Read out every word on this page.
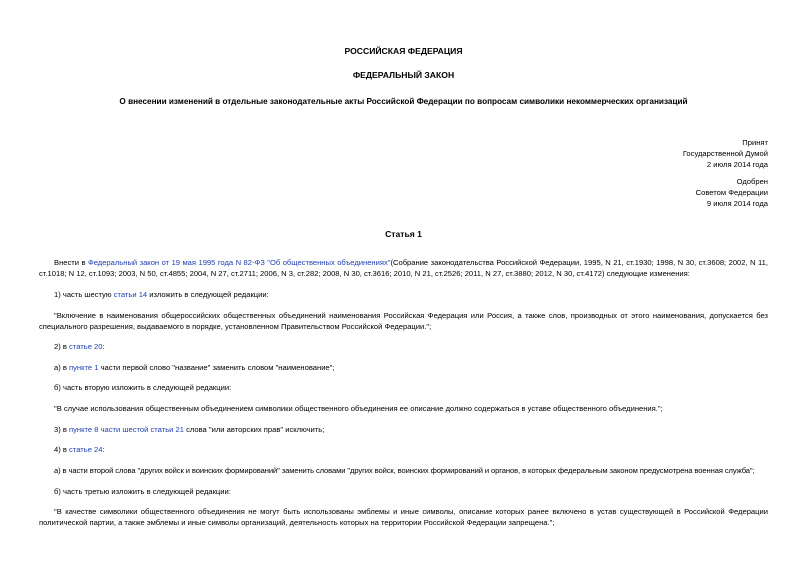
РОССИЙСКАЯ ФЕДЕРАЦИЯ
ФЕДЕРАЛЬНЫЙ ЗАКОН
О внесении изменений в отдельные законодательные акты Российской Федерации по вопросам символики некоммерческих организаций
Принят
Государственной Думой
2 июля 2014 года
Одобрен
Советом Федерации
9 июля 2014 года
Статья 1
Внести в Федеральный закон от 19 мая 1995 года N 82-ФЗ "Об общественных объединениях"(Собрание законодательства Российской Федерации, 1995, N 21, ст.1930; 1998, N 30, ст.3608; 2002, N 11, ст.1018; N 12, ст.1093; 2003, N 50, ст.4855; 2004, N 27, ст.2711; 2006, N 3, ст.282; 2008, N 30, ст.3616; 2010, N 21, ст.2526; 2011, N 27, ст.3880; 2012, N 30, ст.4172) следующие изменения:
1) часть шестую статьи 14 изложить в следующей редакции:
"Включение в наименования общероссийских общественных объединений наименования Российская Федерация или Россия, а также слов, производных от этого наименования, допускается без специального разрешения, выдаваемого в порядке, установленном Правительством Российской Федерации.";
2) в статье 20:
а) в пункте 1 части первой слово "название" заменить словом "наименование";
б) часть вторую изложить в следующей редакции:
"В случае использования общественным объединением символики общественного объединения ее описание должно содержаться в уставе общественного объединения.";
3) в пункте 8 части шестой статьи 21 слова "или авторских прав" исключить;
4) в статье 24:
а) в части второй слова "других войск и воинских формирований" заменить словами "других войск, воинских формирований и органов, в которых федеральным законом предусмотрена военная служба";
б) часть третью изложить в следующей редакции:
"В качестве символики общественного объединения не могут быть использованы эмблемы и иные символы, описание которых ранее включено в устав существующей в Российской Федерации политической партии, а также эмблемы и иные символы организаций, деятельность которых на территории Российской Федерации запрещена.";
